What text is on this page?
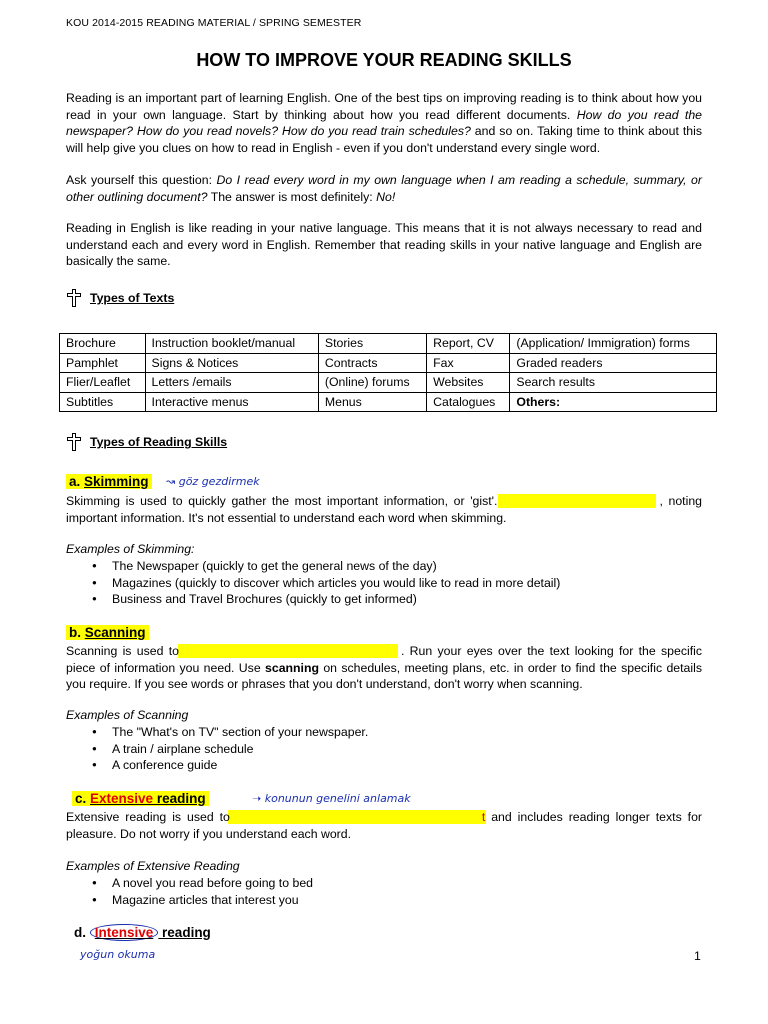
KOU 2014-2015 READING MATERIAL / SPRING SEMESTER
HOW TO IMPROVE YOUR READING SKILLS
Reading is an important part of learning English. One of the best tips on improving reading is to think about how you read in your own language. Start by thinking about how you read different documents. How do you read the newspaper? How do you read novels? How do you read train schedules? and so on. Taking time to think about this will help give you clues on how to read in English - even if you don't understand every single word.
Ask yourself this question: Do I read every word in my own language when I am reading a schedule, summary, or other outlining document? The answer is most definitely: No!
Reading in English is like reading in your native language. This means that it is not always necessary to read and understand each and every word in English. Remember that reading skills in your native language and English are basically the same.
Types of Texts
Brochure	Instruction booklet/manual	Stories	Report, CV	(Application/ Immigration) forms
Pamphlet	Signs & Notices	Contracts	Fax	Graded readers
Flier/Leaflet	Letters /emails	(Online) forums	Websites	Search results
Subtitles	Interactive menus	Menus	Catalogues	Others:
Types of Reading Skills
a. Skimming ↝ göz gezdirmek
Skimming is used to quickly gather the most important information, or 'gist'.	, noting important information. It's not essential to understand each word when skimming.
Examples of Skimming:
● The Newspaper (quickly to get the general news of the day)
● Magazines (quickly to discover which articles you would like to read in more detail)
● Business and Travel Brochures (quickly to get informed)
b. Scanning
Scanning is used to	. Run your eyes over the text looking for the specific piece of information you need. Use scanning on schedules, meeting plans, etc. in order to find the specific details you require. If you see words or phrases that you don't understand, don't worry when scanning.
Examples of Scanning
● The "What's on TV" section of your newspaper.
● A train / airplane schedule
● A conference guide
c. Extensive reading	➝ konunun genelini anlamak
Extensive reading is used to	t and includes reading longer texts for pleasure. Do not worry if you understand each word.
Examples of Extensive Reading
● A novel you read before going to bed
● Magazine articles that interest you
d. Intensive reading
yoğun okuma	1
